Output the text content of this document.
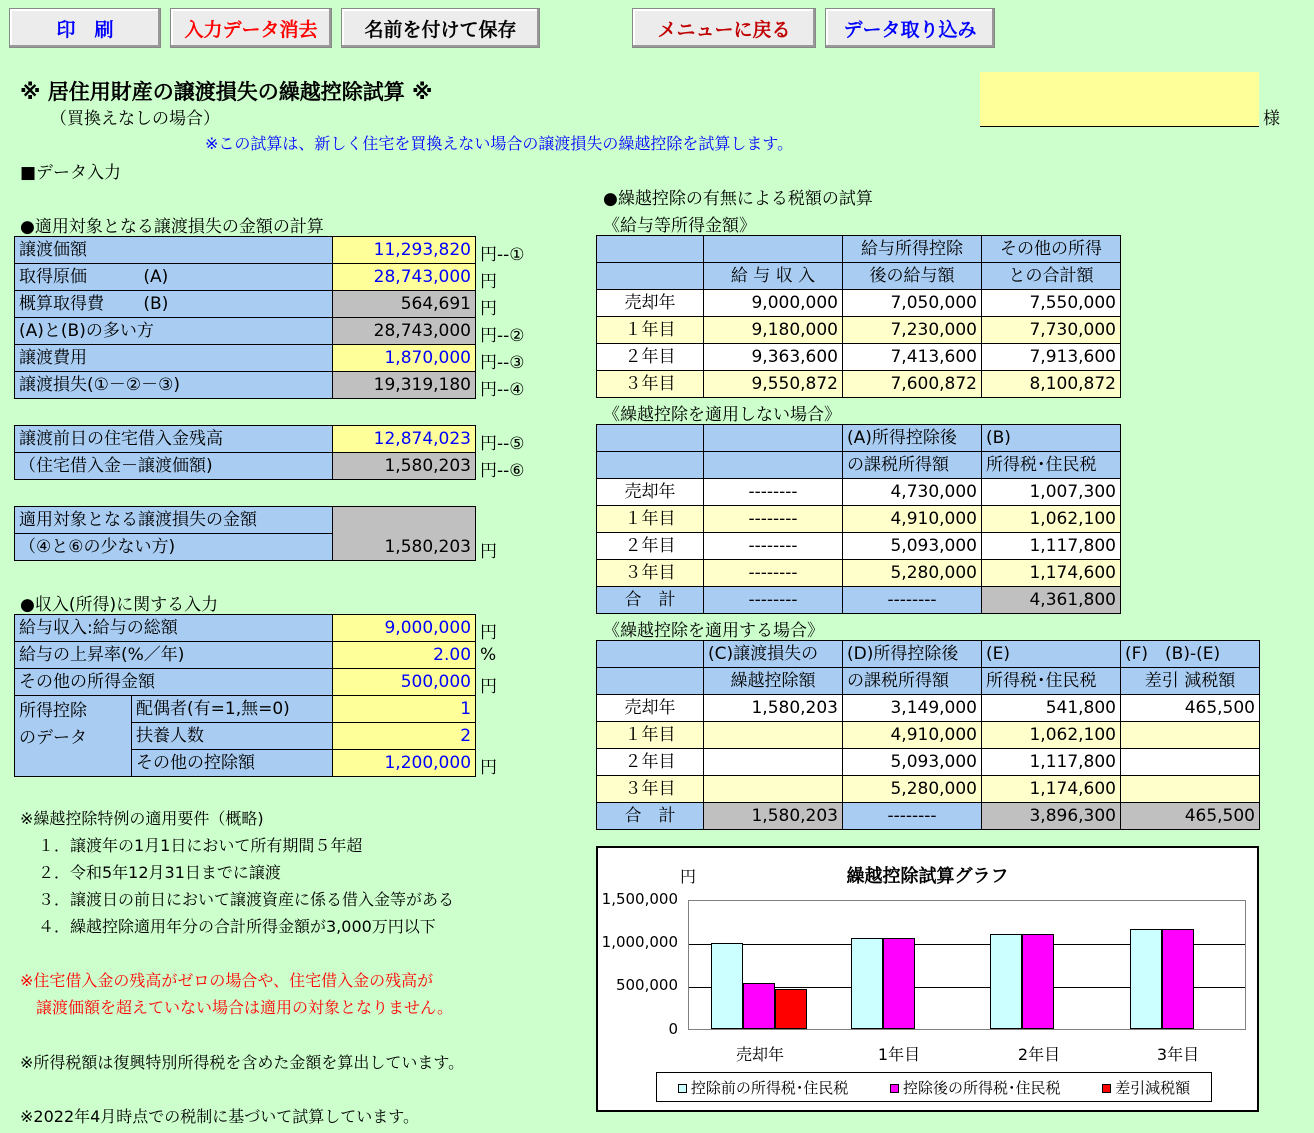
印　刷	入力データ消去	名前を付けて保存	メニューに戻る	データ取り込み
※ 居住用財産の譲渡損失の繰越控除試算 ※
（買換えなしの場合）
※この試算は、新しく住宅を買換えない場合の譲渡損失の繰越控除を試算します。
様
■データ入力
●適用対象となる譲渡損失の金額の計算
譲渡価額	11,293,820
取得原価　　　 (A)	28,743,000
概算取得費　　 (B)	564,691
(A)と(B)の多い方	28,743,000
譲渡費用	1,870,000
譲渡損失(①－②－③)	19,319,180
円--①
円
円
円--②
円--③
円--④
譲渡前日の住宅借入金残高	12,874,023
（住宅借入金－譲渡価額)	1,580,203
円--⑤
円--⑥
適用対象となる譲渡損失の金額	1,580,203
（④と⑥の少ない方)	円
●収入(所得)に関する入力
給与収入:給与の総額		9,000,000
給与の上昇率(%／年)		2.00
その他の所得金額		500,000

所得控除
のデータ	配偶者(有=1,無=0)	1
	扶養人数	2
	その他の控除額	1,200,000
円
%
円
円
※繰越控除特例の適用要件（概略)
１．譲渡年の1月1日において所有期間５年超
２．令和5年12月31日までに譲渡
３．譲渡日の前日において譲渡資産に係る借入金等がある
４．繰越控除適用年分の合計所得金額が3,000万円以下
※住宅借入金の残高がゼロの場合や、住宅借入金の残高が
　譲渡価額を超えていない場合は適用の対象となりません。
※所得税額は復興特別所得税を含めた金額を算出しています。
※2022年4月時点での税制に基づいて試算しています。
●繰越控除の有無による税額の試算
《給与等所得金額》
		給与所得控除	その他の所得
	給 与 収 入	後の給与額	との合計額
売却年	9,000,000	7,050,000	7,550,000
１年目	9,180,000	7,230,000	7,730,000
２年目	9,363,600	7,413,600	7,913,600
３年目	9,550,872	7,600,872	8,100,872
《繰越控除を適用しない場合》
		(A)所得控除後	(B)
		の課税所得額	所得税･住民税
売却年	--------	4,730,000	1,007,300
１年目	--------	4,910,000	1,062,100
２年目	--------	5,093,000	1,117,800
３年目	--------	5,280,000	1,174,600
合　計	--------	--------	4,361,800
《繰越控除を適用する場合》
	(C)譲渡損失の	(D)所得控除後	(E)	(F)　(B)-(E)
	繰越控除額	の課税所得額	所得税･住民税	差引 減税額
売却年	1,580,203	3,149,000	541,800	465,500
１年目		4,910,000	1,062,100	
２年目		5,093,000	1,117,800	
３年目		5,280,000	1,174,600	
合　計	1,580,203	--------	3,896,300	465,500
円	繰越控除試算グラフ
1,500,000
1,000,000
500,000
0
売却年	1年目	2年目	3年目
控除前の所得税･住民税	控除後の所得税･住民税	差引減税額
